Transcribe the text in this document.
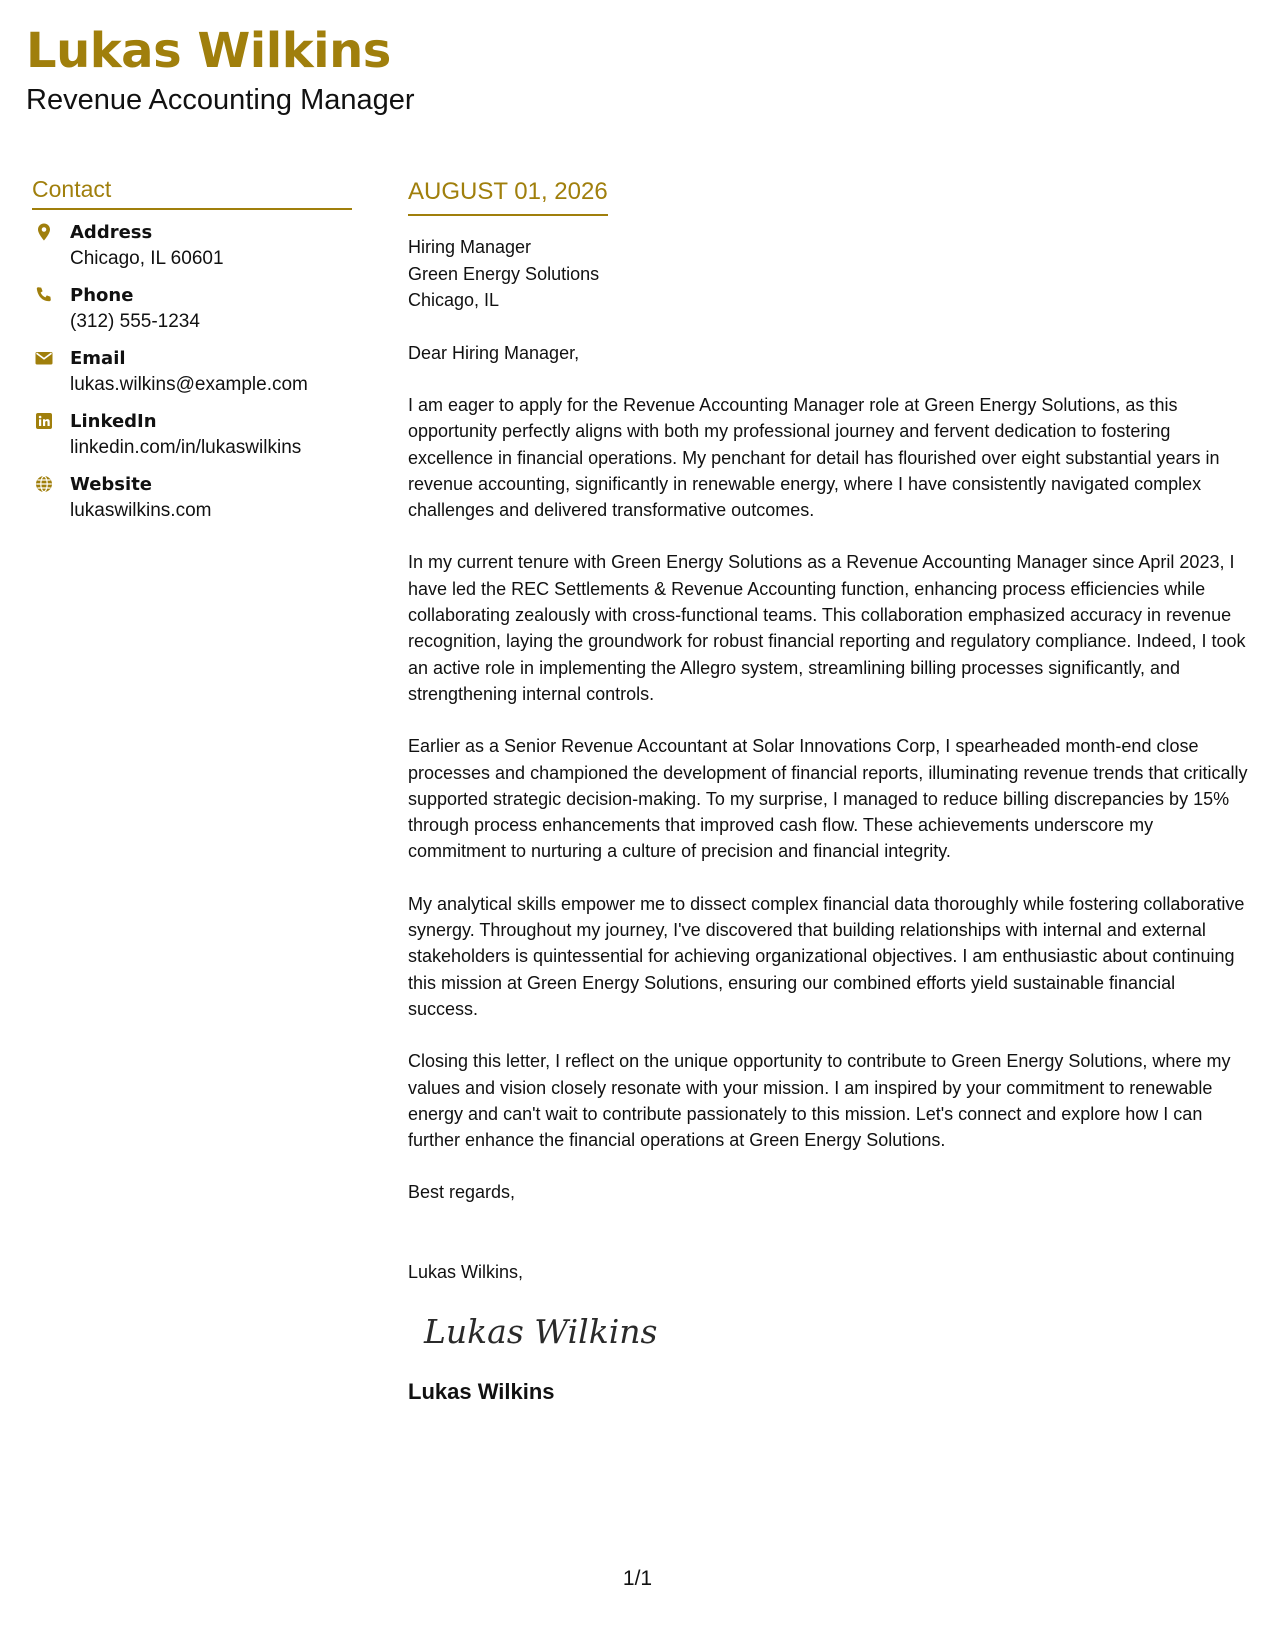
Lukas Wilkins
Revenue Accounting Manager
Contact
Address
Chicago, IL 60601
Phone
(312) 555-1234
Email
lukas.wilkins@example.com
LinkedIn
linkedin.com/in/lukaswilkins
Website
lukaswilkins.com
AUGUST 01, 2026
Hiring Manager
Green Energy Solutions
Chicago, IL
Dear Hiring Manager,

I am eager to apply for the Revenue Accounting Manager role at Green Energy Solutions, as this opportunity perfectly aligns with both my professional journey and fervent dedication to fostering excellence in financial operations. My penchant for detail has flourished over eight substantial years in revenue accounting, significantly in renewable energy, where I have consistently navigated complex challenges and delivered transformative outcomes.

In my current tenure with Green Energy Solutions as a Revenue Accounting Manager since April 2023, I have led the REC Settlements & Revenue Accounting function, enhancing process efficiencies while collaborating zealously with cross-functional teams. This collaboration emphasized accuracy in revenue recognition, laying the groundwork for robust financial reporting and regulatory compliance. Indeed, I took an active role in implementing the Allegro system, streamlining billing processes significantly, and strengthening internal controls.

Earlier as a Senior Revenue Accountant at Solar Innovations Corp, I spearheaded month-end close processes and championed the development of financial reports, illuminating revenue trends that critically supported strategic decision-making. To my surprise, I managed to reduce billing discrepancies by 15% through process enhancements that improved cash flow. These achievements underscore my commitment to nurturing a culture of precision and financial integrity.

My analytical skills empower me to dissect complex financial data thoroughly while fostering collaborative synergy. Throughout my journey, I've discovered that building relationships with internal and external stakeholders is quintessential for achieving organizational objectives. I am enthusiastic about continuing this mission at Green Energy Solutions, ensuring our combined efforts yield sustainable financial success.

Closing this letter, I reflect on the unique opportunity to contribute to Green Energy Solutions, where my values and vision closely resonate with your mission. I am inspired by your commitment to renewable energy and can't wait to contribute passionately to this mission. Let's connect and explore how I can further enhance the financial operations at Green Energy Solutions.

Best regards,
Lukas Wilkins,
Lukas Wilkins
Lukas Wilkins
1/1
